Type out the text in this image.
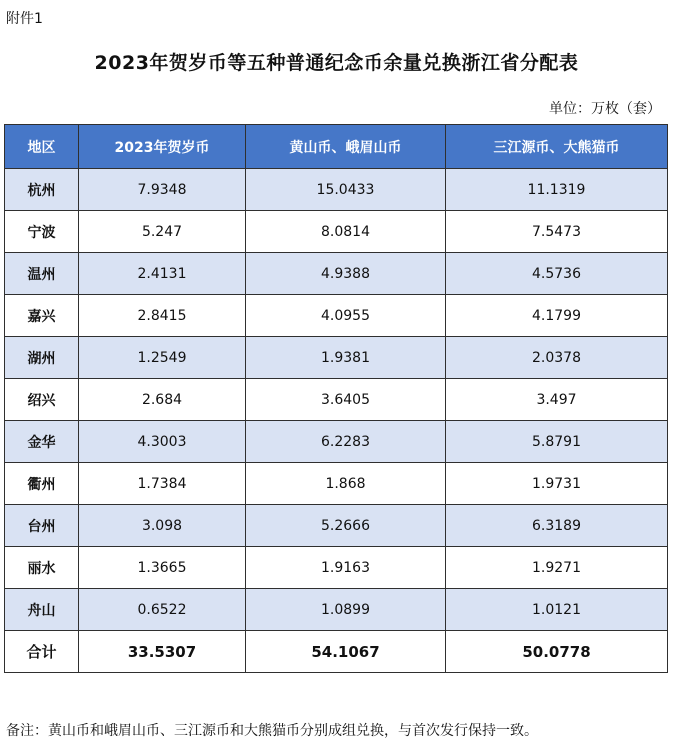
附件1
2023年贺岁币等五种普通纪念币余量兑换浙江省分配表
单位：万枚（套）
地区	2023年贺岁币	黄山币、峨眉山币	三江源币、大熊猫币
杭州	7.9348	15.0433	11.1319
宁波	5.247	8.0814	7.5473
温州	2.4131	4.9388	4.5736
嘉兴	2.8415	4.0955	4.1799
湖州	1.2549	1.9381	2.0378
绍兴	2.684	3.6405	3.497
金华	4.3003	6.2283	5.8791
衢州	1.7384	1.868	1.9731
台州	3.098	5.2666	6.3189
丽水	1.3665	1.9163	1.9271
舟山	0.6522	1.0899	1.0121
合计	33.5307	54.1067	50.0778
备注：黄山币和峨眉山币、三江源币和大熊猫币分别成组兑换，与首次发行保持一致。
